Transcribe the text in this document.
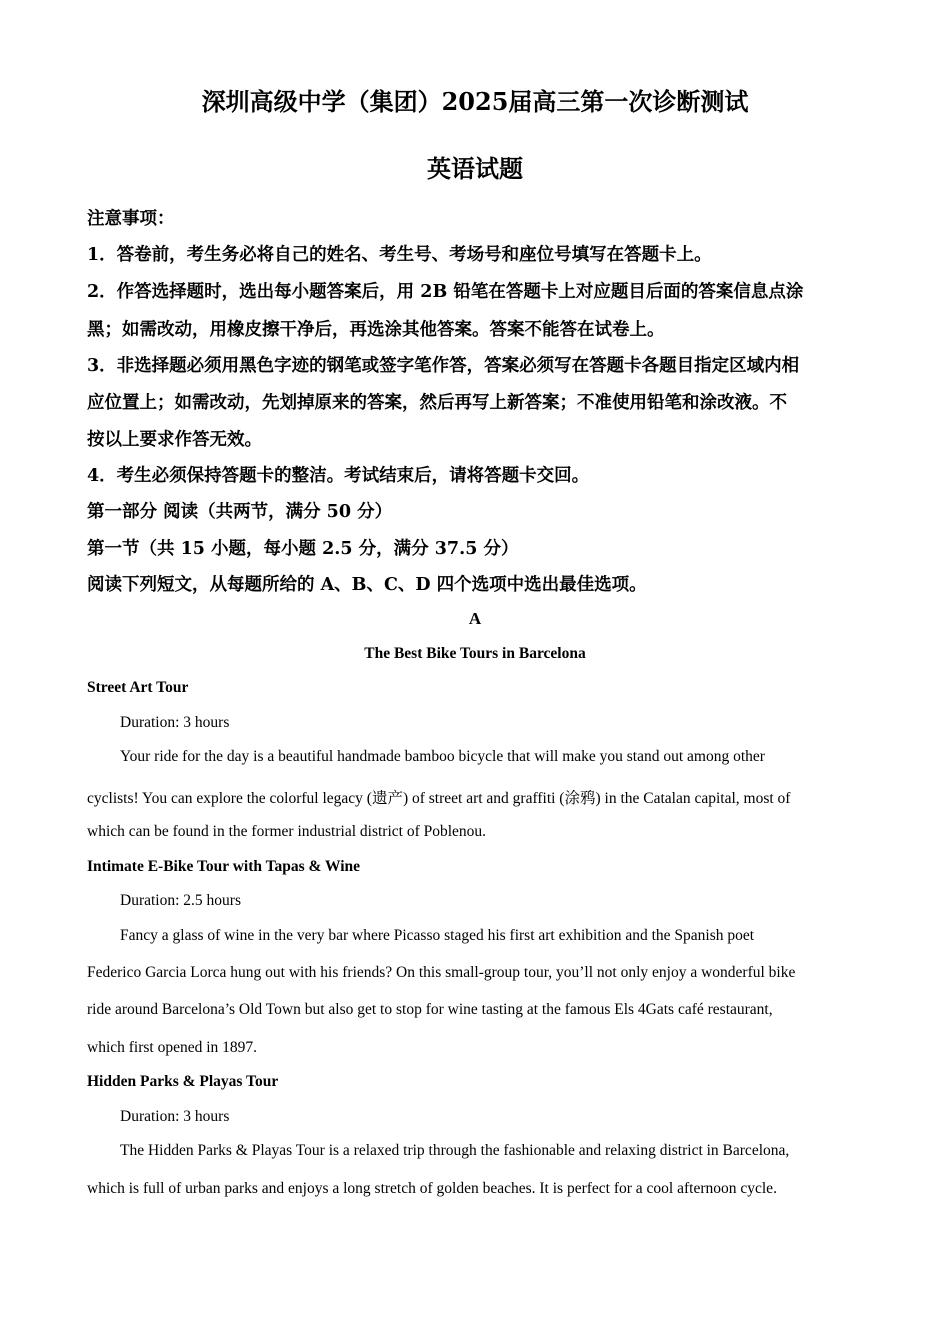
深圳高级中学（集团）2025届高三第一次诊断测试
英语试题
注意事项：
1．答卷前，考生务必将自己的姓名、考生号、考场号和座位号填写在答题卡上。
2．作答选择题时，选出每小题答案后，用 2B 铅笔在答题卡上对应题目后面的答案信息点涂
黑；如需改动，用橡皮擦干净后，再选涂其他答案。答案不能答在试卷上。
3．非选择题必须用黑色字迹的钢笔或签字笔作答，答案必须写在答题卡各题目指定区域内相
应位置上；如需改动，先划掉原来的答案，然后再写上新答案；不准使用铅笔和涂改液。不
按以上要求作答无效。
4．考生必须保持答题卡的整洁。考试结束后，请将答题卡交回。
第一部分 阅读（共两节，满分 50 分）
第一节（共 15 小题，每小题 2.5 分，满分 37.5 分）
阅读下列短文，从每题所给的 A、B、C、D 四个选项中选出最佳选项。
A
The Best Bike Tours in Barcelona
Street Art Tour
Duration: 3 hours
Your ride for the day is a beautiful handmade bamboo bicycle that will make you stand out among other
cyclists! You can explore the colorful legacy (遗产) of street art and graffiti (涂鸦) in the Catalan capital, most of
which can be found in the former industrial district of Poblenou.
Intimate E-Bike Tour with Tapas & Wine
Duration: 2.5 hours
Fancy a glass of wine in the very bar where Picasso staged his first art exhibition and the Spanish poet
Federico Garcia Lorca hung out with his friends? On this small-group tour, you’ll not only enjoy a wonderful bike
ride around Barcelona’s Old Town but also get to stop for wine tasting at the famous Els 4Gats café restaurant,
which first opened in 1897.
Hidden Parks & Playas Tour
Duration: 3 hours
The Hidden Parks & Playas Tour is a relaxed trip through the fashionable and relaxing district in Barcelona,
which is full of urban parks and enjoys a long stretch of golden beaches. It is perfect for a cool afternoon cycle.
